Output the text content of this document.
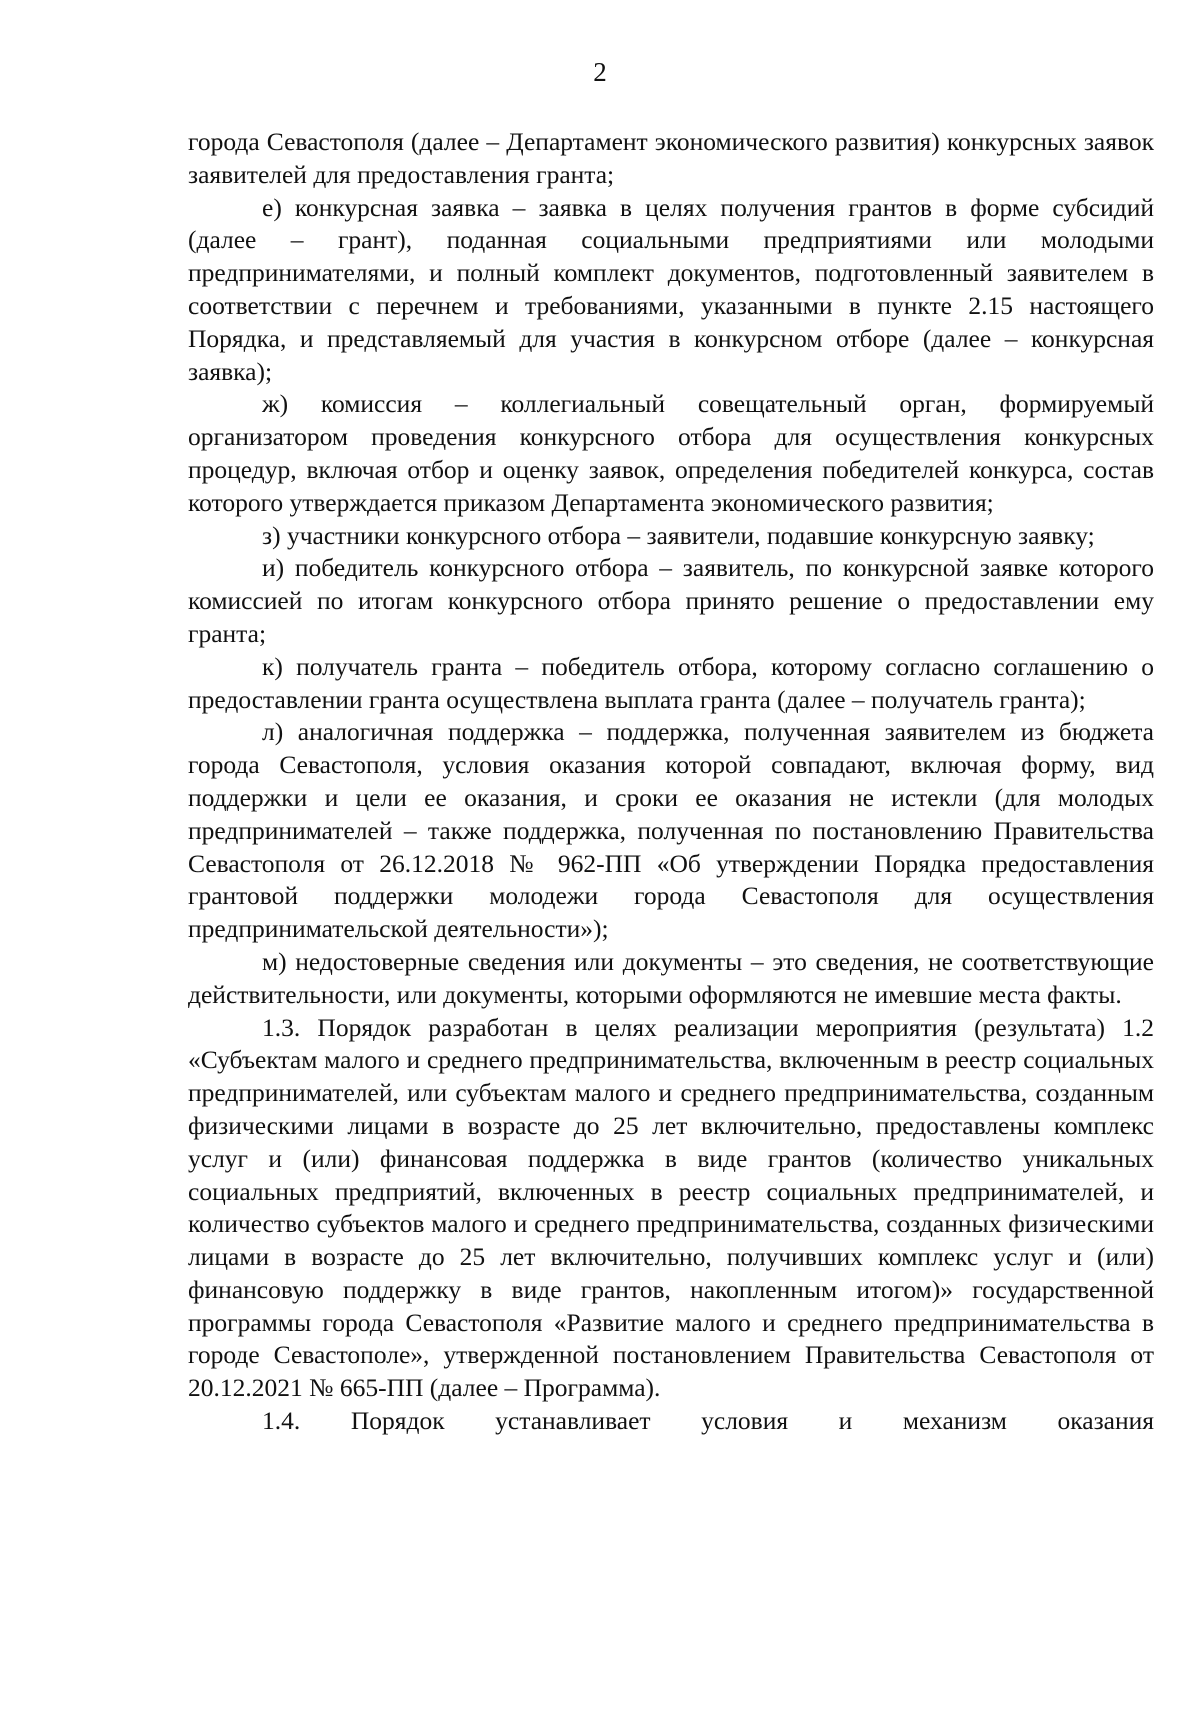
2

города Севастополя (далее – Департамент экономического развития) конкурсных заявок заявителей для предоставления гранта;

е) конкурсная заявка – заявка в целях получения грантов в форме субсидий (далее – грант), поданная социальными предприятиями или молодыми предпринимателями, и полный комплект документов, подготовленный заявителем в соответствии с перечнем и требованиями, указанными в пункте 2.15 настоящего Порядка, и представляемый для участия в конкурсном отборе (далее – конкурсная заявка);

ж) комиссия – коллегиальный совещательный орган, формируемый организатором проведения конкурсного отбора для осуществления конкурсных процедур, включая отбор и оценку заявок, определения победителей конкурса, состав которого утверждается приказом Департамента экономического развития;

з) участники конкурсного отбора – заявители, подавшие конкурсную заявку;

и) победитель конкурсного отбора – заявитель, по конкурсной заявке которого комиссией по итогам конкурсного отбора принято решение о предоставлении ему гранта;

к) получатель гранта – победитель отбора, которому согласно соглашению о предоставлении гранта осуществлена выплата гранта (далее – получатель гранта);

л) аналогичная поддержка – поддержка, полученная заявителем из бюджета города Севастополя, условия оказания которой совпадают, включая форму, вид поддержки и цели ее оказания, и сроки ее оказания не истекли (для молодых предпринимателей – также поддержка, полученная по постановлению Правительства Севастополя от 26.12.2018 № 962-ПП «Об утверждении Порядка предоставления грантовой поддержки молодежи города Севастополя для осуществления предпринимательской деятельности»);

м) недостоверные сведения или документы – это сведения, не соответствующие действительности, или документы, которыми оформляются не имевшие места факты.

1.3. Порядок разработан в целях реализации мероприятия (результата) 1.2 «Субъектам малого и среднего предпринимательства, включенным в реестр социальных предпринимателей, или субъектам малого и среднего предпринимательства, созданным физическими лицами в возрасте до 25 лет включительно, предоставлены комплекс услуг и (или) финансовая поддержка в виде грантов (количество уникальных социальных предприятий, включенных в реестр социальных предпринимателей, и количество субъектов малого и среднего предпринимательства, созданных физическими лицами в возрасте до 25 лет включительно, получивших комплекс услуг и (или) финансовую поддержку в виде грантов, накопленным итогом)» государственной программы города Севастополя «Развитие малого и среднего предпринимательства в городе Севастополе», утвержденной постановлением Правительства Севастополя от 20.12.2021 № 665-ПП (далее – Программа).

1.4. Порядок устанавливает условия и механизм оказания
